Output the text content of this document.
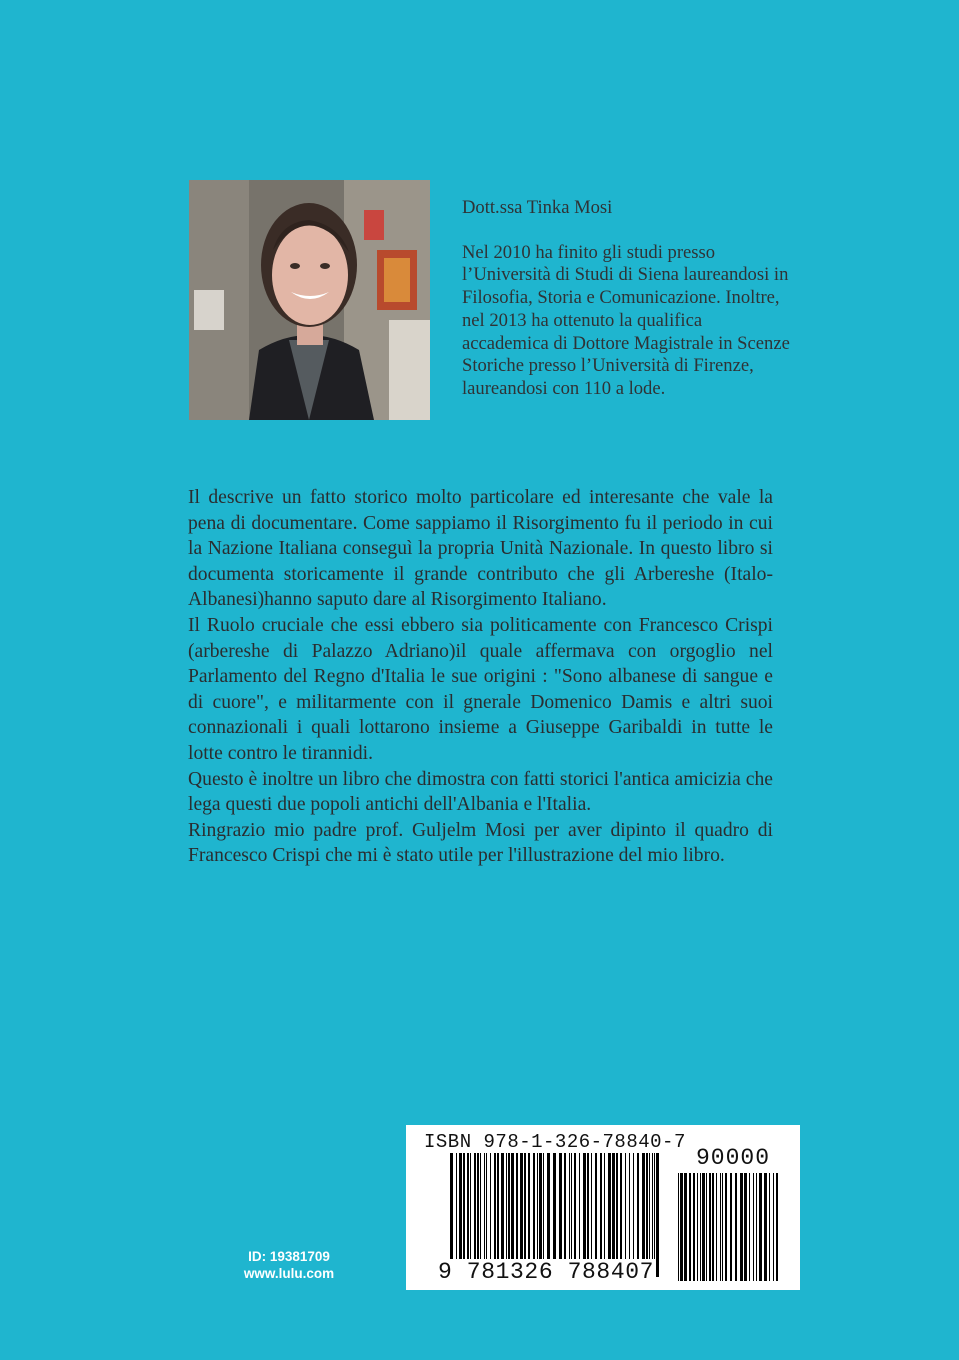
Dott.ssa Tinka Mosi

Nel 2010 ha finito gli studi presso l’Università di Studi di Siena laureandosi in Filosofia, Storia e Comunicazione. Inoltre, nel 2013 ha ottenuto la qualifica accademica di Dottore Magistrale in Scenze Storiche presso l’Università di Firenze, laureandosi con 110 a lode.

Il descrive un fatto storico molto particolare ed interesante che vale la pena di documentare. Come sappiamo il Risorgimento fu il periodo in cui la Nazione Italiana conseguì la propria Unità Nazionale. In questo libro si documenta storicamente il grande contributo che gli Arbereshe (Italo-Albanesi)hanno saputo dare al Risorgimento Italiano.

Il Ruolo cruciale che essi ebbero sia politicamente con Francesco Crispi (arbereshe di Palazzo Adriano)il quale affermava con orgoglio nel Parlamento del Regno d'Italia le sue origini : "Sono albanese di sangue e di cuore", e militarmente con il gnerale Domenico Damis e altri suoi connazionali i quali lottarono insieme a Giuseppe Garibaldi in tutte le lotte contro le tirannidi.

Questo è inoltre un libro che dimostra con fatti storici l'antica amicizia che lega questi due popoli antichi dell'Albania e l'Italia.

Ringrazio mio padre prof. Guljelm Mosi per aver dipinto il quadro di Francesco Crispi che mi è stato utile per l'illustrazione del mio libro.

ID: 19381709
www.lulu.com
ISBN 978-1-326-78840-7
90000
9 781326 788407
